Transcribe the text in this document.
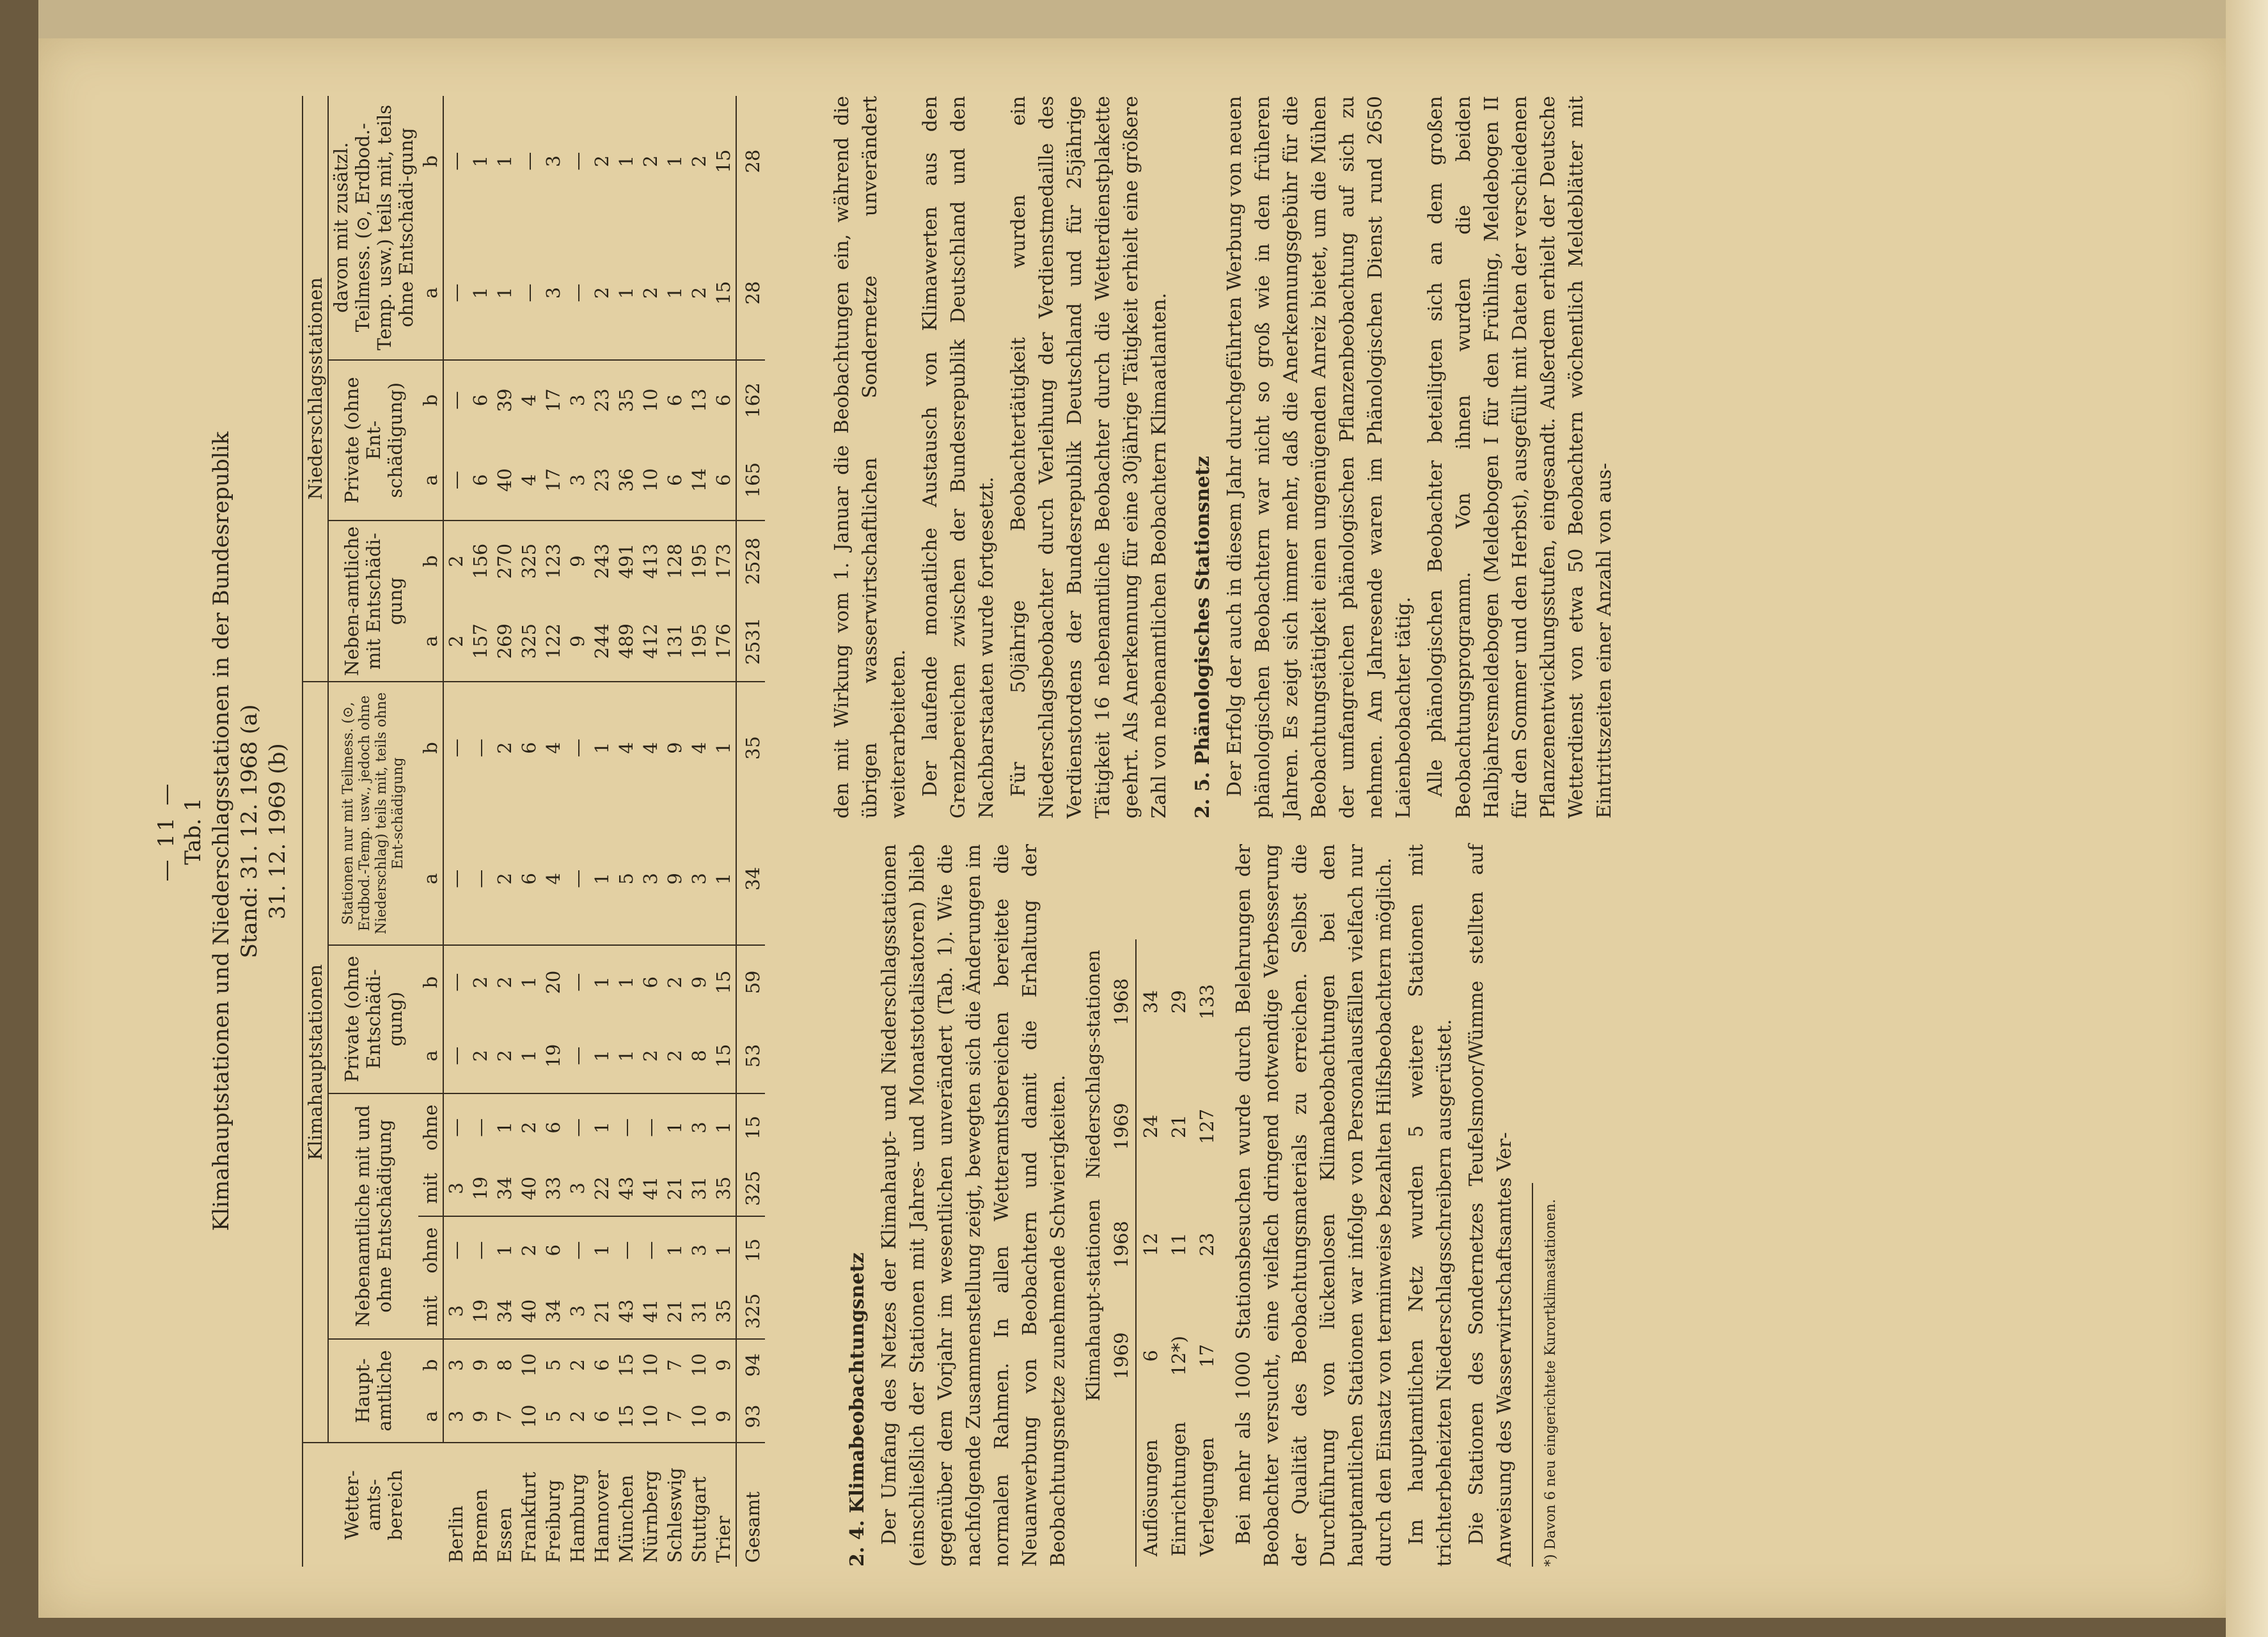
— 11 — Tab. 1 Klimahauptstationen und Niederschlagsstationen in der Bundesrepublik Stand: 31. 12. 1968 (a) 31. 12. 1969 (b)
Wetter-amts-bereich	Klimahauptstationen										Niederschlagsstationen					
	Haupt-amtliche		Nebenamtliche mit und ohne Entschädigung				Private (ohne Entschädi-gung)		Stationen nur mit Teilmess. (⊙, Erdbod.-Temp. usw., jedoch ohne Niederschlag) teils mit, teils ohne Ent-schädigung		Neben-amtliche mit Entschädi-gung		Private (ohne Ent-schädigung)		davon mit zusätzl. Teilmess. (⊙, Erdbod.-Temp. usw.) teils mit, teils ohne Entschädi-gung	
	a	b	mit	ohne	mit	ohne	a	b	a	b	a	b	a	b	a	b
Berlin	3	3	3	—	3	—	—	—	—	—	2	2	—	—	—	—
Bremen	9	9	19	—	19	—	2	2	—	—	157	156	6	6	1	1
Essen	7	8	34	1	34	1	2	2	2	2	269	270	40	39	1	1
Frankfurt	10	10	40	2	40	2	1	1	6	6	325	325	4	4	—	—
Freiburg	5	5	34	6	33	6	19	20	4	4	122	123	17	17	3	3
Hamburg	2	2	3	—	3	—	—	—	—	—	9	9	3	3	—	—
Hannover	6	6	21	1	22	1	1	1	1	1	244	243	23	23	2	2
München	15	15	43	—	43	—	1	1	5	4	489	491	36	35	1	1
Nürnberg	10	10	41	—	41	—	2	6	3	4	412	413	10	10	2	2
Schleswig	7	7	21	1	21	1	2	2	9	9	131	128	6	6	1	1
Stuttgart	10	10	31	3	31	3	8	9	3	4	195	195	14	13	2	2
Trier	9	9	35	1	35	1	15	15	1	1	176	173	6	6	15	15
Gesamt	93	94	325	15	325	15	53	59	34	35	2531	2528	165	162	28	28
2. 4. Klimabeobachtungsnetz Der Umfang des Netzes der Klimahaupt- und Niederschlagsstationen (einschließlich der Stationen mit Jahres- und Monatstotalisatoren) blieb gegenüber dem Vorjahr im wesentlichen unverändert (Tab. 1). Wie die nachfolgende Zusammenstellung zeigt, bewegten sich die Änderungen im normalen Rahmen. In allen Wetteramtsbereichen bereitete die Neuanwerbung von Beobachtern und damit die Erhaltung der Beobachtungsnetze zunehmende Schwierigkeiten.

	Klimahaupt-stationen		Niederschlags-stationen	
	1969	1968	1969	1968
Auflösungen	6	12	24	34
Einrichtungen	12*)	11	21	29
Verlegungen	17	23	127	133 Bei mehr als 1000 Stationsbesuchen wurde durch Belehrungen der Beobachter versucht, eine vielfach dringend notwendige Verbesserung der Qualität des Beobachtungsmaterials zu erreichen. Selbst die Durchführung von lückenlosen Klimabeobachtungen bei den hauptamtlichen Stationen war infolge von Personalausfällen vielfach nur durch den Einsatz von terminweise bezahlten Hilfsbeobachtern möglich. Im hauptamtlichen Netz wurden 5 weitere Stationen mit trichterbeheizten Niederschlagsschreibern ausgerüstet. Die Stationen des Sondernetzes Teufelsmoor/Wümme stellten auf Anweisung des Wasserwirtschaftsamtes Ver-	*) Davon 6 neu eingerichtete Kurortklimastationen.

den mit Wirkung vom 1. Januar die Beobachtungen ein, während die übrigen wasserwirtschaftlichen Sondernetze unverändert weiterarbeiteten. Der laufende monatliche Austausch von Klimawerten aus den Grenzbereichen zwischen der Bundesrepublik Deutschland und den Nachbarstaaten wurde fortgesetzt. Für 50jährige Beobachtertätigkeit wurden ein Niederschlagsbeobachter durch Verleihung der Verdienstmedaille des Verdienstordens der Bundesrepublik Deutschland und für 25jährige Tätigkeit 16 nebenamtliche Beobachter durch die Wetterdienstplakette geehrt. Als Anerkennung für eine 30jährige Tätigkeit erhielt eine größere Zahl von nebenamtlichen Beobachtern Klimaatlanten. 2. 5. Phänologisches Stationsnetz Der Erfolg der auch in diesem Jahr durchgeführten Werbung von neuen phänologischen Beobachtern war nicht so groß wie in den früheren Jahren. Es zeigt sich immer mehr, daß die Anerkennungsgebühr für die Beobachtungstätigkeit einen ungenügenden Anreiz bietet, um die Mühen der umfangreichen phänologischen Pflanzenbeobachtung auf sich zu nehmen. Am Jahresende waren im Phänologischen Dienst rund 2650 Laienbeobachter tätig. Alle phänologischen Beobachter beteiligten sich an dem großen Beobachtungsprogramm. Von ihnen wurden die beiden Halbjahresmeldebogen (Meldebogen I für den Frühling, Meldebogen II für den Sommer und den Herbst), ausgefüllt mit Daten der verschiedenen Pflanzenentwicklungsstufen, eingesandt. Außerdem erhielt der Deutsche Wetterdienst von etwa 50 Beobachtern wöchentlich Meldeblätter mit Eintrittszeiten einer Anzahl von aus-
